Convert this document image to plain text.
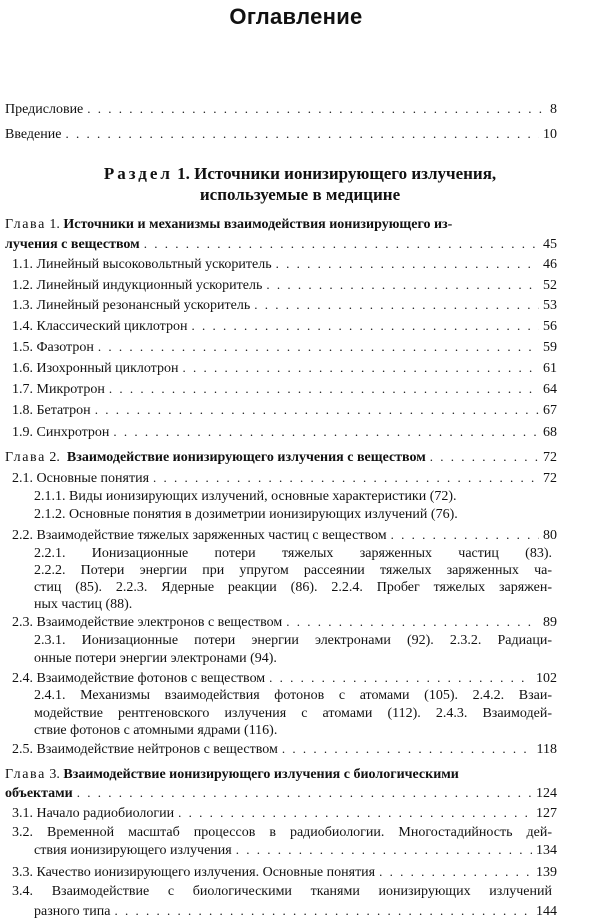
Оглавление
Предисловие . . .	8
Введение . . .	10
Раздел 1. Источники ионизирующего излучения,
используемые в медицине
Глава 1. Источники и механизмы взаимодействия ионизирующего из-
лучения с веществом . . .	45
1.1. Линейный высоковольтный ускоритель . . .	46
1.2. Линейный индукционный ускоритель . . .	52
1.3. Линейный резонансный ускоритель . . .	53
1.4. Классический циклотрон . . .	56
1.5. Фазотрон . . .	59
1.6. Изохронный циклотрон . . .	61
1.7. Микротрон . . .	64
1.8. Бетатрон . . .	67
1.9. Синхротрон . . .	68
Глава 2. Взаимодействие ионизирующего излучения с веществом . . .	72
2.1. Основные понятия . . .	72
2.1.1. Виды ионизирующих излучений, основные характеристики (72).
2.1.2. Основные понятия в дозиметрии ионизирующих излучений (76).
2.2. Взаимодействие тяжелых заряженных частиц с веществом . . .	80
2.2.1. Ионизационные потери тяжелых заряженных частиц (83).
2.2.2. Потери энергии при упругом рассеянии тяжелых заряженных ча-
стиц (85). 2.2.3. Ядерные реакции (86). 2.2.4. Пробег тяжелых заряжен-
ных частиц (88).
2.3. Взаимодействие электронов с веществом . . .	89
2.3.1. Ионизационные потери энергии электронами (92). 2.3.2. Радиаци-
онные потери энергии электронами (94).
2.4. Взаимодействие фотонов с веществом . . .	102
2.4.1. Механизмы взаимодействия фотонов с атомами (105). 2.4.2. Взаи-
модействие рентгеновского излучения с атомами (112). 2.4.3. Взаимодей-
ствие фотонов с атомными ядрами (116).
2.5. Взаимодействие нейтронов с веществом . . .	118
Глава 3. Взаимодействие ионизирующего излучения с биологическими
объектами . . .	124
3.1. Начало радиобиологии . . .	127
3.2. Временной масштаб процессов в радиобиологии. Многостадийность дей-
ствия ионизирующего излучения . . .	134
3.3. Качество ионизирующего излучения. Основные понятия . . .	139
3.4. Взаимодействие с биологическими тканями ионизирующих излучений
разного типа . . .	144
